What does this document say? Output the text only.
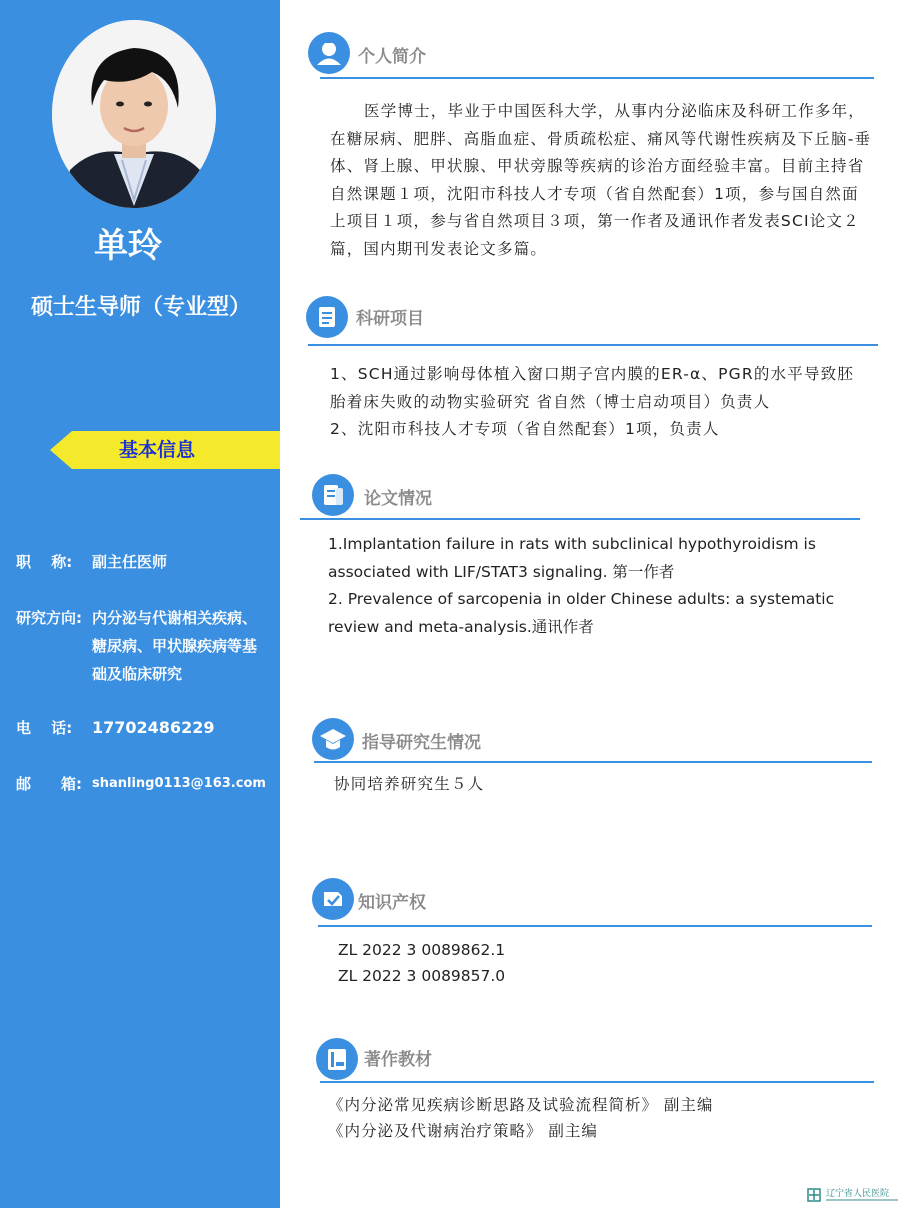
单玲
硕士生导师（专业型）
基本信息
职　 称: 副主任医师
研究方向: 内分泌与代谢相关疾病、糖尿病、甲状腺疾病等基础及临床研究
电　 话: 17702486229
邮　　箱: shanling0113@163.com
个人简介
医学博士，毕业于中国医科大学，从事内分泌临床及科研工作多年，在糖尿病、肥胖、高脂血症、骨质疏松症、痛风等代谢性疾病及下丘脑-垂体、肾上腺、甲状腺、甲状旁腺等疾病的诊治方面经验丰富。目前主持省自然课题１项，沈阳市科技人才专项（省自然配套）1项，参与国自然面上项目１项，参与省自然项目３项，第一作者及通讯作者发表SCI论文２篇，国内期刊发表论文多篇。
科研项目
1、SCH通过影响母体植入窗口期子宫内膜的ER-α、PGR的水平导致胚胎着床失败的动物实验研究 省自然（博士启动项目）负责人
2、沈阳市科技人才专项（省自然配套）1项，负责人
论文情况
1.Implantation failure in rats with subclinical hypothyroidism is associated with LIF/STAT3 signaling. 第一作者
2. Prevalence of sarcopenia in older Chinese adults: a systematic review and meta-analysis.通讯作者
指导研究生情况
协同培养研究生５人
知识产权
ZL 2022 3 0089862.1
ZL 2022 3 0089857.0
著作教材
《内分泌常见疾病诊断思路及试验流程简析》 副主编
《内分泌及代谢病治疗策略》 副主编
辽宁省人民医院
